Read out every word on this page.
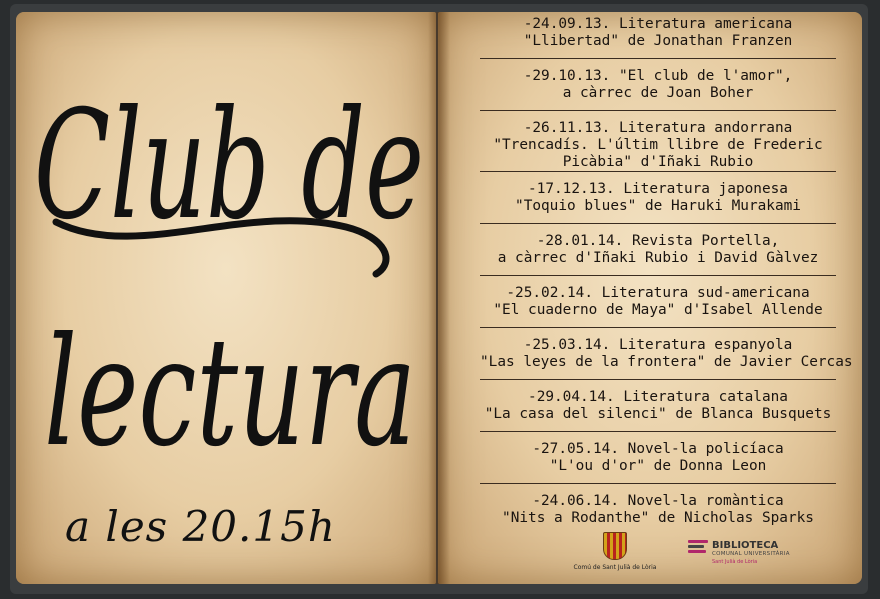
Club de
lectura
a les 20.15h
-24.09.13. Literatura americana
"Llibertad" de Jonathan Franzen
-29.10.13. "El club de l'amor",
a càrrec de Joan Boher
-26.11.13. Literatura andorrana
"Trencadís. L'últim llibre de Frederic
Picàbia" d'Iñaki Rubio
-17.12.13. Literatura japonesa
"Toquio blues" de Haruki Murakami
-28.01.14. Revista Portella,
a càrrec d'Iñaki Rubio i David Gàlvez
-25.02.14. Literatura sud-americana
"El cuaderno de Maya" d'Isabel Allende
-25.03.14. Literatura espanyola
"Las leyes de la frontera" de Javier Cercas
-29.04.14. Literatura catalana
"La casa del silenci" de Blanca Busquets
-27.05.14. Novel-la policíaca
"L'ou d'or" de Donna Leon
-24.06.14. Novel-la romàntica
"Nits a Rodanthe" de Nicholas Sparks
Comú de Sant Julià de Lòria
BIBLIOTECA
COMUNAL UNIVERSITÀRIA
Sant Julià de Lòria
